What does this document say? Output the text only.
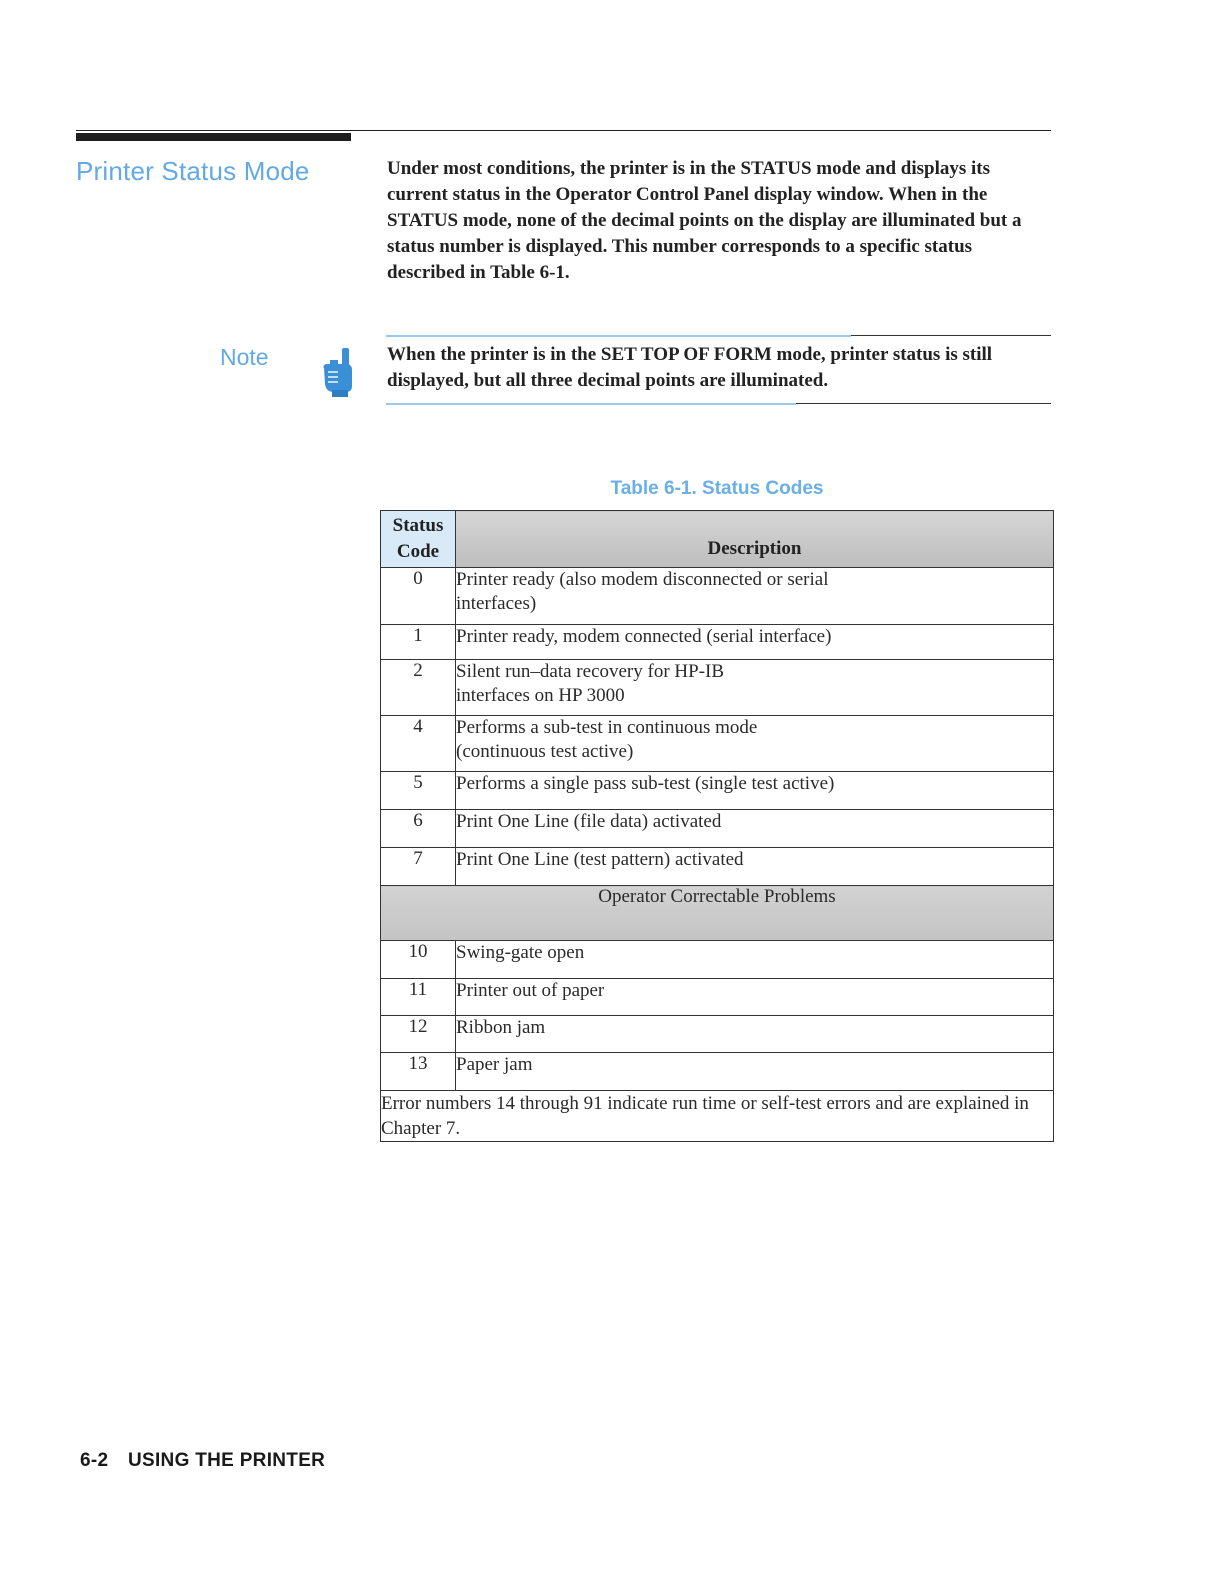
Printer Status Mode	Under most conditions, the printer is in the STATUS mode and displays its current status in the Operator Control Panel display window. When in the STATUS mode, none of the decimal points on the display are illuminated but a status number is displayed. This number corresponds to a specific status described in Table 6-1.

Note	When the printer is in the SET TOP OF FORM mode, printer status is still displayed, but all three decimal points are illuminated.

Table 6-1. Status Codes
Status Code	Description
0	Printer ready (also modem disconnected or serial interfaces)
1	Printer ready, modem connected (serial interface)
2	Silent run–data recovery for HP-IB interfaces on HP 3000
4	Performs a sub-test in continuous mode (continuous test active)
5	Performs a single pass sub-test (single test active)
6	Print One Line (file data) activated
7	Print One Line (test pattern) activated
Operator Correctable Problems	
10	Swing-gate open
11	Printer out of paper
12	Ribbon jam
13	Paper jam
Error numbers 14 through 91 indicate run time or self-test errors and are explained in Chapter 7.	
6-2 USING THE PRINTER
